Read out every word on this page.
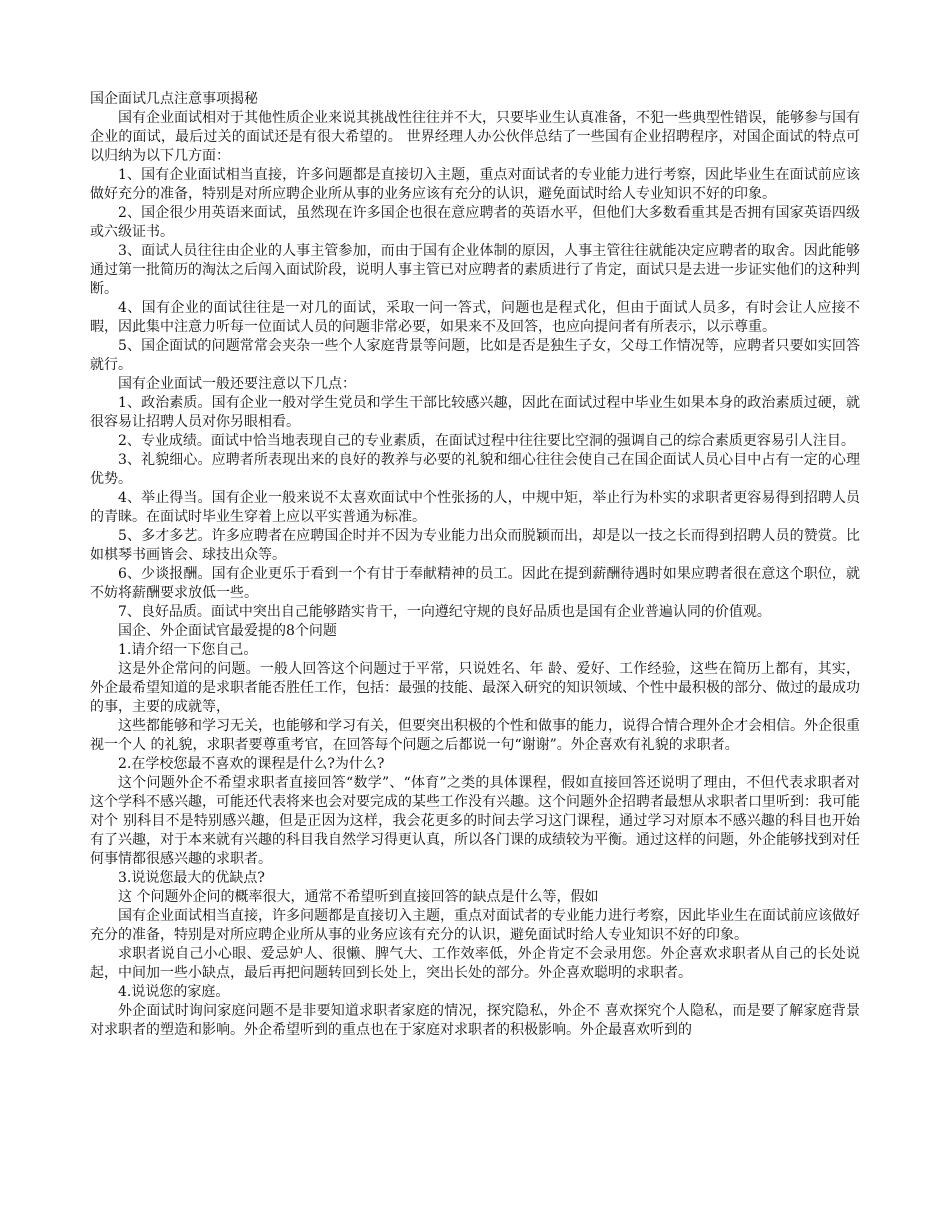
国企面试几点注意事项揭秘

国有企业面试相对于其他性质企业来说其挑战性往往并不大，只要毕业生认真准备，不犯一些典型性错误，能够参与国有企业的面试，最后过关的面试还是有很大希望的。 世界经理人办公伙伴总结了一些国有企业招聘程序，对国企面试的特点可以归纳为以下几方面：

1、国有企业面试相当直接，许多问题都是直接切入主题，重点对面试者的专业能力进行考察，因此毕业生在面试前应该做好充分的准备，特别是对所应聘企业所从事的业务应该有充分的认识，避免面试时给人专业知识不好的印象。

2、国企很少用英语来面试，虽然现在许多国企也很在意应聘者的英语水平，但他们大多数看重其是否拥有国家英语四级或六级证书。

3、面试人员往往由企业的人事主管参加，而由于国有企业体制的原因，人事主管往往就能决定应聘者的取舍。因此能够通过第一批简历的淘汰之后闯入面试阶段，说明人事主管已对应聘者的素质进行了肯定，面试只是去进一步证实他们的这种判断。

4、国有企业的面试往往是一对几的面试，采取一问一答式，问题也是程式化，但由于面试人员多，有时会让人应接不暇，因此集中注意力听每一位面试人员的问题非常必要，如果来不及回答，也应向提问者有所表示，以示尊重。

5、国企面试的问题常常会夹杂一些个人家庭背景等问题，比如是否是独生子女，父母工作情况等，应聘者只要如实回答就行。

国有企业面试一般还要注意以下几点：

1、政治素质。国有企业一般对学生党员和学生干部比较感兴趣，因此在面试过程中毕业生如果本身的政治素质过硬，就很容易让招聘人员对你另眼相看。

2、专业成绩。面试中恰当地表现自己的专业素质，在面试过程中往往要比空洞的强调自己的综合素质更容易引人注目。

3、礼貌细心。应聘者所表现出来的良好的教养与必要的礼貌和细心往往会使自己在国企面试人员心目中占有一定的心理优势。

4、举止得当。国有企业一般来说不太喜欢面试中个性张扬的人，中规中矩，举止行为朴实的求职者更容易得到招聘人员的青睐。在面试时毕业生穿着上应以平实普通为标准。

5、多才多艺。许多应聘者在应聘国企时并不因为专业能力出众而脱颖而出，却是以一技之长而得到招聘人员的赞赏。比如棋琴书画皆会、球技出众等。

6、少谈报酬。国有企业更乐于看到一个有甘于奉献精神的员工。因此在提到薪酬待遇时如果应聘者很在意这个职位，就不妨将薪酬要求放低一些。

7、良好品质。面试中突出自己能够踏实肯干，一向遵纪守规的良好品质也是国有企业普遍认同的价值观。

国企、外企面试官最爱提的8个问题

1.请介绍一下您自己。

这是外企常问的问题。一般人回答这个问题过于平常，只说姓名、年 龄、爱好、工作经验，这些在简历上都有，其实，外企最希望知道的是求职者能否胜任工作，包括：最强的技能、最深入研究的知识领域、个性中最积极的部分、做过的最成功的事，主要的成就等，

这些都能够和学习无关，也能够和学习有关，但要突出积极的个性和做事的能力，说得合情合理外企才会相信。外企很重视一个人 的礼貌，求职者要尊重考官，在回答每个问题之后都说一句“谢谢”。外企喜欢有礼貌的求职者。

2.在学校您最不喜欢的课程是什么?为什么?

这个问题外企不希望求职者直接回答“数学”、“体育”之类的具体课程，假如直接回答还说明了理由，不但代表求职者对这个学科不感兴趣，可能还代表将来也会对要完成的某些工作没有兴趣。这个问题外企招聘者最想从求职者口里听到：我可能对个 别科目不是特别感兴趣，但是正因为这样，我会花更多的时间去学习这门课程，通过学习对原本不感兴趣的科目也开始有了兴趣，对于本来就有兴趣的科目我自然学习得更认真，所以各门课的成绩较为平衡。通过这样的问题，外企能够找到对任何事情都很感兴趣的求职者。

3.说说您最大的优缺点?

这 个问题外企问的概率很大，通常不希望听到直接回答的缺点是什么等，假如

国有企业面试相当直接，许多问题都是直接切入主题，重点对面试者的专业能力进行考察，因此毕业生在面试前应该做好充分的准备，特别是对所应聘企业所从事的业务应该有充分的认识，避免面试时给人专业知识不好的印象。

求职者说自己小心眼、爱忌妒人、很懒、脾气大、工作效率低，外企肯定不会录用您。外企喜欢求职者从自己的长处说起，中间加一些小缺点，最后再把问题转回到长处上，突出长处的部分。外企喜欢聪明的求职者。

4.说说您的家庭。

外企面试时询问家庭问题不是非要知道求职者家庭的情况，探究隐私，外企不 喜欢探究个人隐私，而是要了解家庭背景对求职者的塑造和影响。外企希望听到的重点也在于家庭对求职者的积极影响。外企最喜欢听到的
